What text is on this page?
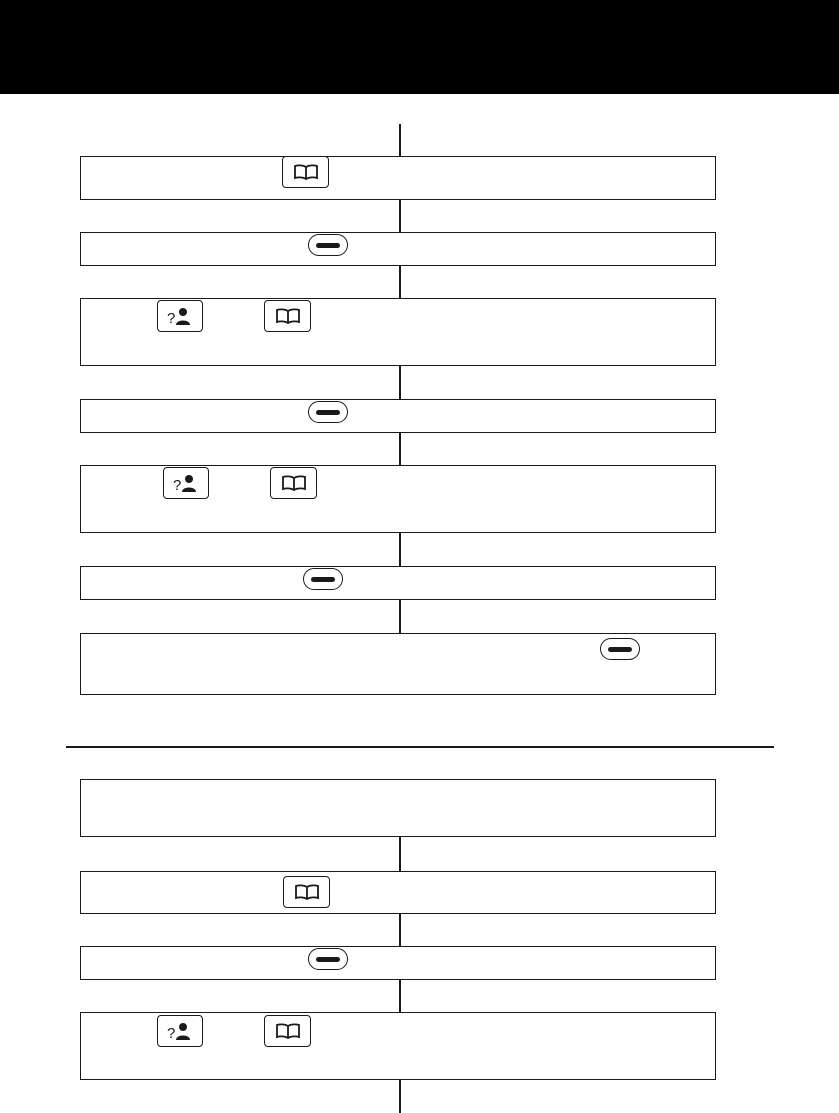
?
?
?
